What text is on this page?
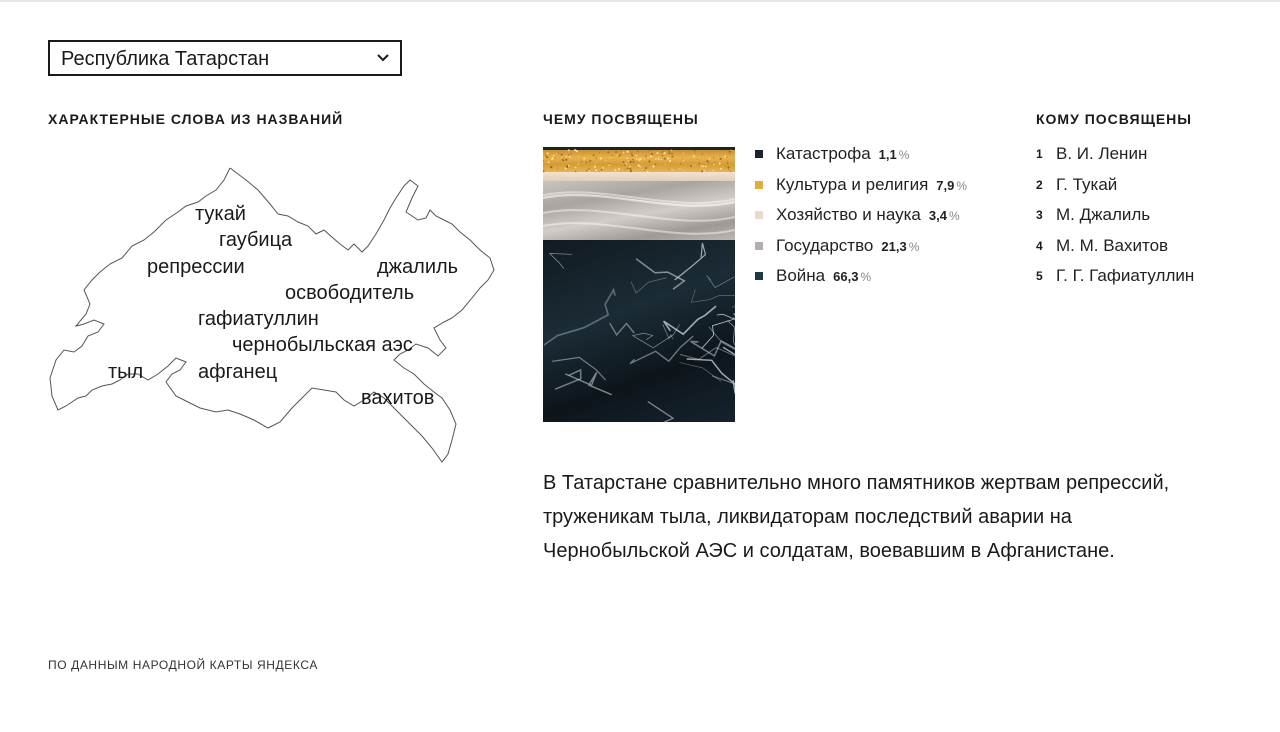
Республика Татарстан
ХАРАКТЕРНЫЕ СЛОВА ИЗ НАЗВАНИЙ
тукай
гаубица
репрессии	джалиль
освободитель
гафиатуллин
чернобыльская аэс
тыл	афганец
вахитов
ЧЕМУ ПОСВЯЩЕНЫ
Катастрофа 1,1 %
Культура и религия 7,9 %
Хозяйство и наука 3,4 %
Государство 21,3 %
Война 66,3 %
КОМУ ПОСВЯЩЕНЫ
1 В. И. Ленин
2 Г. Тукай
3 М. Джалиль
4 М. М. Вахитов
5 Г. Г. Гафиатуллин
В Татарстане сравнительно много памятников жертвам репрессий, труженикам тыла, ликвидаторам последствий аварии на Чернобыльской АЭС и солдатам, воевавшим в Афганистане.
ПО ДАННЫМ НАРОДНОЙ КАРТЫ ЯНДЕКСА
